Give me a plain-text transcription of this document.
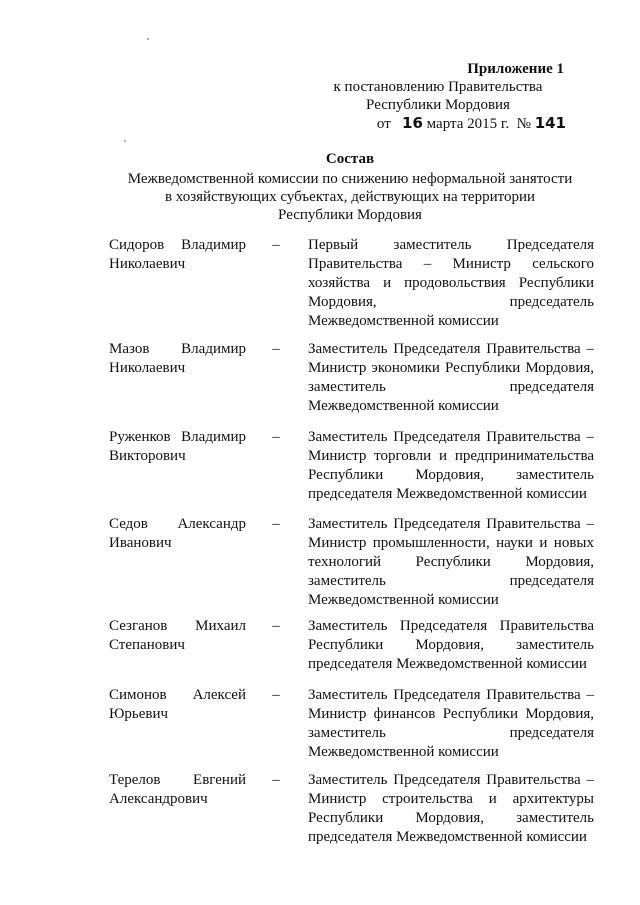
Приложение 1
к постановлению Правительства
Республики Мордовия
от 16 марта 2015 г. № 141
Состав
Межведомственной комиссии по снижению неформальной занятости
в хозяйствующих субъектах, действующих на территории
Республики Мордовия
Сидоров Владимир
Николаевич
– Первый заместитель Председателя
Правительства – Министр сельского
хозяйства и продовольствия Республики
Мордовия, председатель
Межведомственной комиссии
Мазов Владимир
Николаевич
– Заместитель Председателя Правительства –
Министр экономики Республики Мордовия,
заместитель председателя
Межведомственной комиссии
Руженков Владимир
Викторович
– Заместитель Председателя Правительства –
Министр торговли и предпринимательства
Республики Мордовия, заместитель
председателя Межведомственной комиссии
Седов Александр
Иванович
– Заместитель Председателя Правительства –
Министр промышленности, науки и новых
технологий Республики Мордовия,
заместитель председателя
Межведомственной комиссии
Сезганов Михаил
Степанович
– Заместитель Председателя Правительства
Республики Мордовия, заместитель
председателя Межведомственной комиссии
Симонов Алексей
Юрьевич
– Заместитель Председателя Правительства –
Министр финансов Республики Мордовия,
заместитель председателя
Межведомственной комиссии
Терелов Евгений
Александрович
– Заместитель Председателя Правительства –
Министр строительства и архитектуры
Республики Мордовия, заместитель
председателя Межведомственной комиссии
